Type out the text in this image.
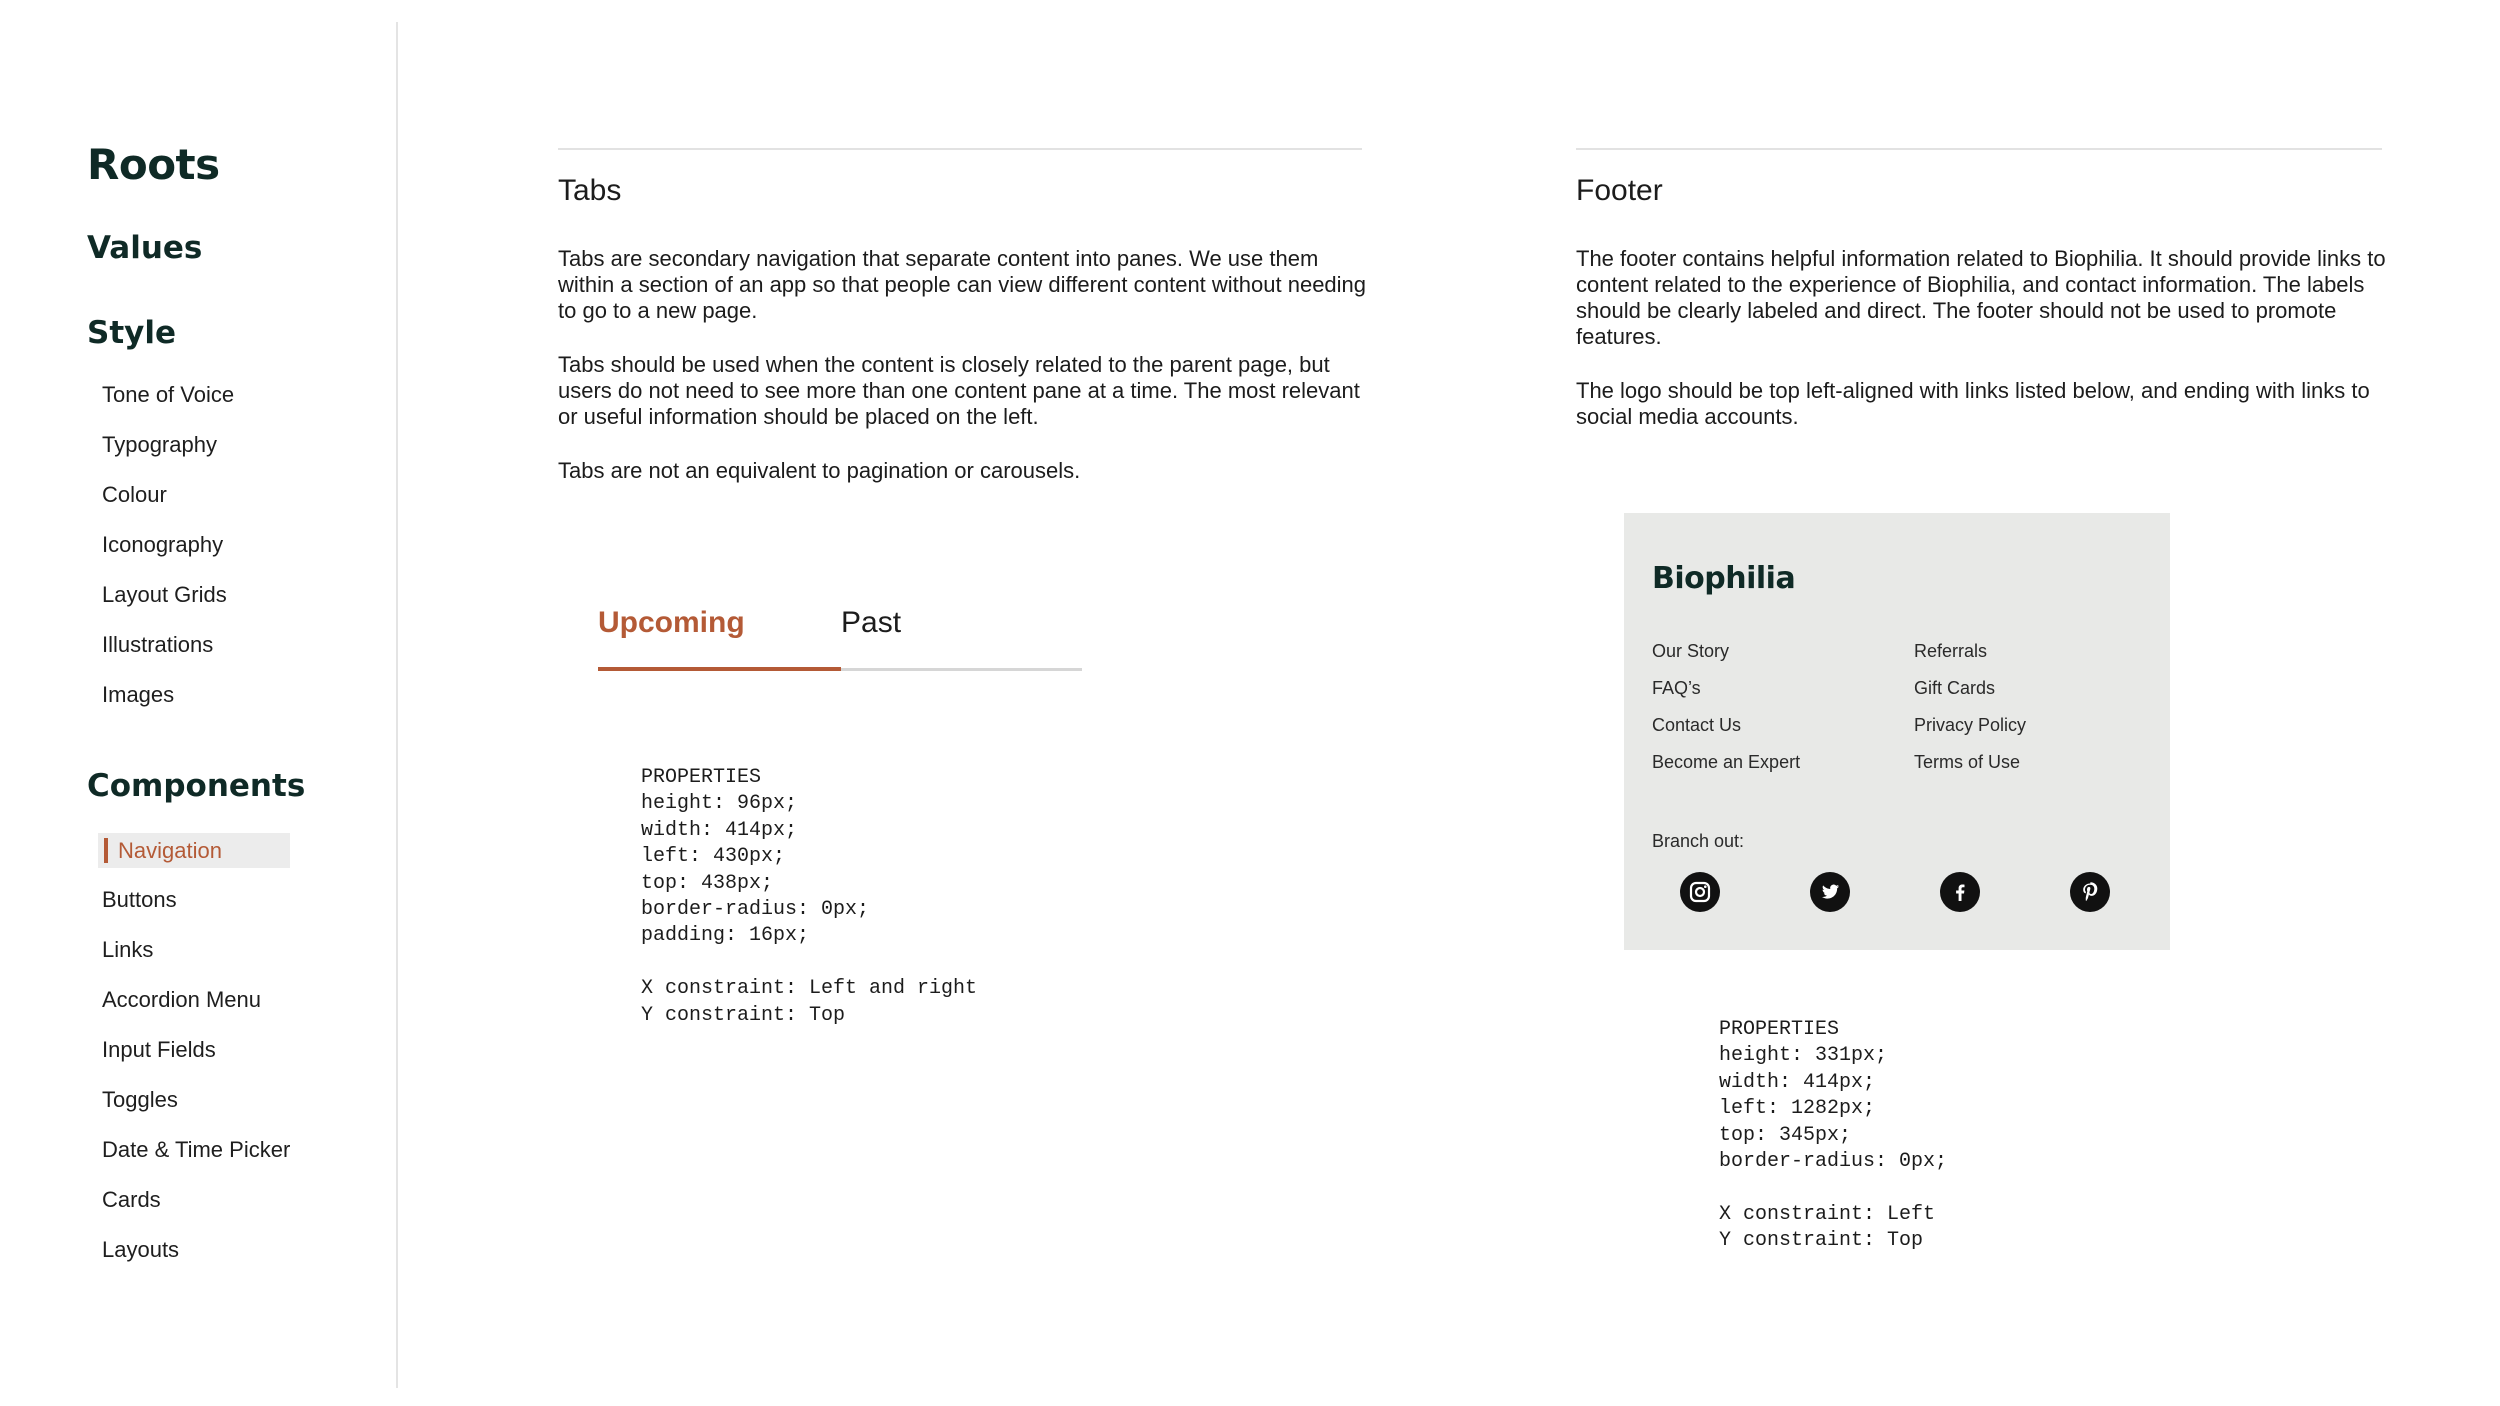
Roots
Values
Style
Tone of Voice
Typography
Colour
Iconography
Layout Grids
Illustrations
Images
Components
Navigation
Buttons
Links
Accordion Menu
Input Fields
Toggles
Date & Time Picker
Cards
Layouts
Tabs

Tabs are secondary navigation that separate content into panes. We use them within a section of an app so that people can view different content without needing to go to a new page.

Tabs should be used when the content is closely related to the parent page, but users do not need to see more than one content pane at a time. The most relevant or useful information should be placed on the left.

Tabs are not an equivalent to pagination or carousels.

Upcoming	Past
PROPERTIES
height: 96px;
width: 414px;
left: 430px;
top: 438px;
border-radius: 0px;
padding: 16px;

X constraint: Left and right
Y constraint: Top
Footer

The footer contains helpful information related to Biophilia. It should provide links to content related to the experience of Biophilia, and contact information. The labels should be clearly labeled and direct. The footer should not be used to promote features.

The logo should be top left-aligned with links listed below, and ending with links to social media accounts.

Biophilia
Our Story
FAQ’s
Contact Us
Become an Expert
Referrals
Gift Cards
Privacy Policy
Terms of Use
Branch out:
PROPERTIES
height: 331px;
width: 414px;
left: 1282px;
top: 345px;
border-radius: 0px;

X constraint: Left
Y constraint: Top
